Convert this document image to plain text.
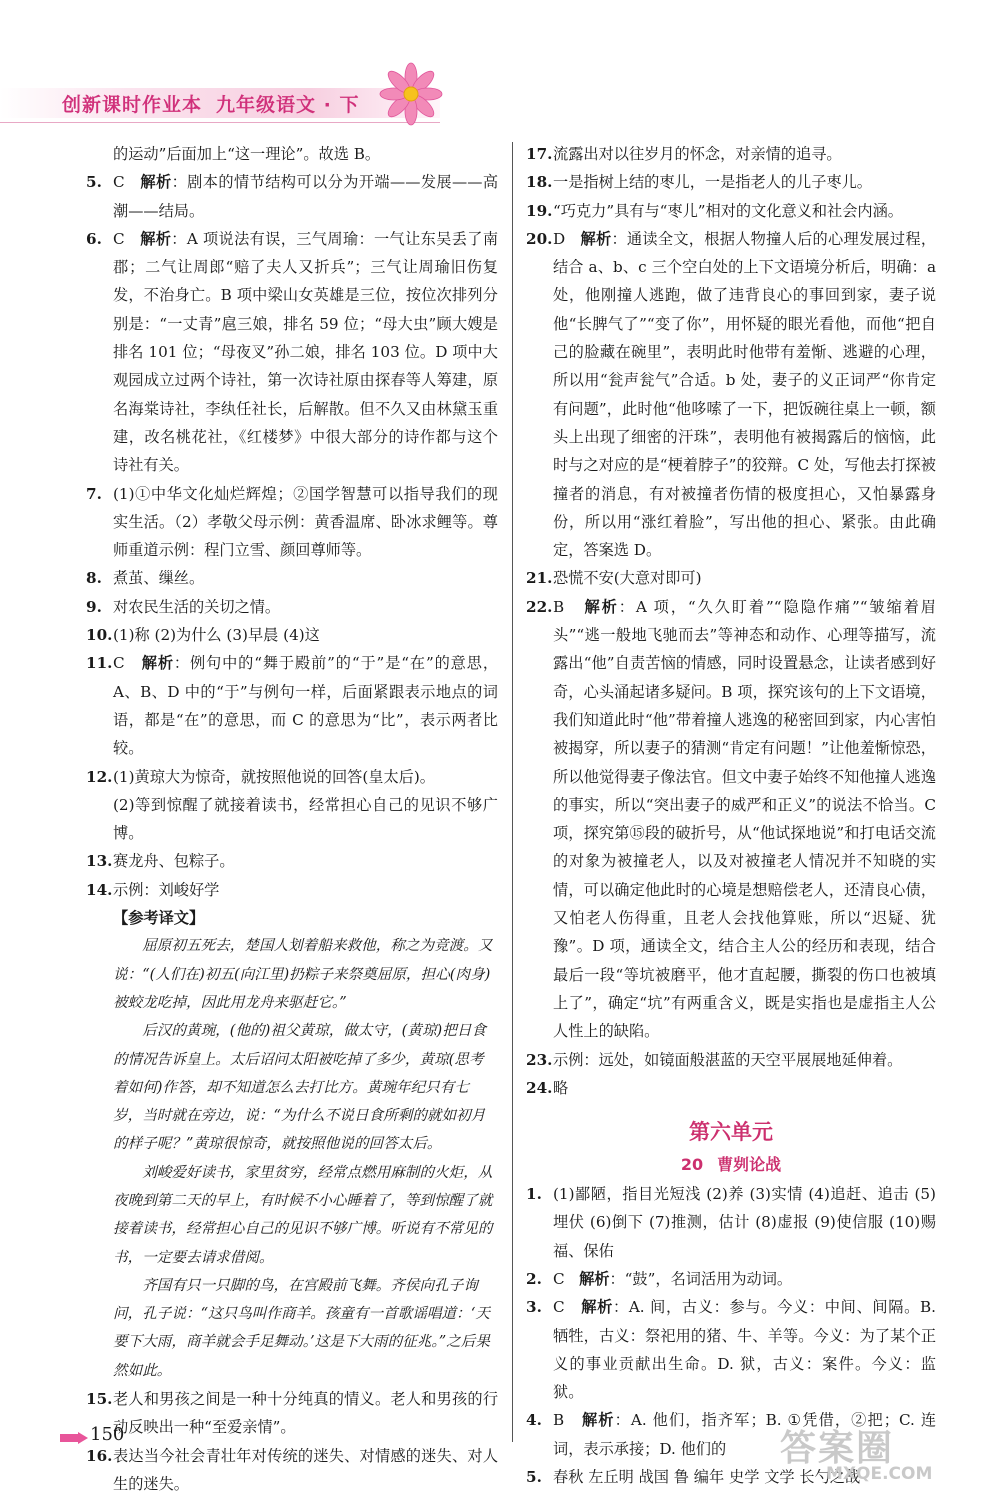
创新课时作业本 九年级语文 · 下
的运动”后面加上“这一理论”。故选 B。
5. C 解析：剧本的情节结构可以分为开端——发展——高潮——结局。
6. C 解析：A 项说法有误，三气周瑜：一气让东吴丢了南郡；二气让周郎“赔了夫人又折兵”；三气让周瑜旧伤复发，不治身亡。B 项中梁山女英雄是三位，按位次排列分别是：“一丈青”扈三娘，排名 59 位；“母大虫”顾大嫂是排名 101 位；“母夜叉”孙二娘，排名 103 位。D 项中大观园成立过两个诗社，第一次诗社原由探春等人筹建，原名海棠诗社，李纨任社长，后解散。但不久又由林黛玉重建，改名桃花社，《红楼梦》中很大部分的诗作都与这个诗社有关。
7. (1)①中华文化灿烂辉煌；②国学智慧可以指导我们的现实生活。（2）孝敬父母示例：黄香温席、卧冰求鲤等。尊师重道示例：程门立雪、颜回尊师等。
8. 煮茧、缫丝。
9. 对农民生活的关切之情。
10. (1)称 (2)为什么 (3)早晨 (4)这
11. C 解析：例句中的“舞于殿前”的“于”是“在”的意思，A、B、D 中的“于”与例句一样，后面紧跟表示地点的词语，都是“在”的意思，而 C 的意思为“比”，表示两者比较。
12. (1)黄琼大为惊奇，就按照他说的回答(皇太后)。
(2)等到惊醒了就接着读书，经常担心自己的见识不够广博。
13. 赛龙舟、包粽子。
14. 示例：刘峻好学
【参考译文】

屈原初五死去，楚国人划着船来救他，称之为竞渡。又说：“(人们在)初五(向江里)扔粽子来祭奠屈原，担心(肉身)被蛟龙吃掉，因此用龙舟来驱赶它。”

后汉的黄琬，(他的)祖父黄琼，做太守，(黄琼)把日食的情况告诉皇上。太后诏问太阳被吃掉了多少，黄琼(思考着如何)作答，却不知道怎么去打比方。黄琬年纪只有七岁，当时就在旁边，说：“为什么不说日食所剩的就如初月的样子呢？”黄琼很惊奇，就按照他说的回答太后。

刘峻爱好读书，家里贫穷，经常点燃用麻制的火炬，从夜晚到第二天的早上，有时候不小心睡着了，等到惊醒了就接着读书，经常担心自己的见识不够广博。听说有不常见的书，一定要去请求借阅。

齐国有只一只脚的鸟，在宫殿前飞舞。齐侯向孔子询问，孔子说：“这只鸟叫作商羊。孩童有一首歌谣唱道：‘天要下大雨，商羊就会手足舞动。’这是下大雨的征兆。”之后果然如此。

15. 老人和男孩之间是一种十分纯真的情义。老人和男孩的行动反映出一种“至爱亲情”。
16. 表达当今社会青壮年对传统的迷失、对情感的迷失、对人生的迷失。
17. 流露出对以往岁月的怀念，对亲情的追寻。
18. 一是指树上结的枣儿，一是指老人的儿子枣儿。
19. “巧克力”具有与“枣儿”相对的文化意义和社会内涵。
20. D 解析：通读全文，根据人物撞人后的心理发展过程，结合 a、b、c 三个空白处的上下文语境分析后，明确：a 处，他刚撞人逃跑，做了违背良心的事回到家，妻子说他“长脾气了”“变了你”，用怀疑的眼光看他，而他“把自己的脸藏在碗里”，表明此时他带有羞惭、逃避的心理，所以用“瓮声瓮气”合适。b 处，妻子的义正词严“你肯定有问题”，此时他“他哆嗦了一下，把饭碗往桌上一顿，额头上出现了细密的汗珠”，表明他有被揭露后的恼恼，此时与之对应的是“梗着脖子”的狡辩。C 处，写他去打探被撞者的消息，有对被撞者伤情的极度担心，又怕暴露身份，所以用“涨红着脸”，写出他的担心、紧张。由此确定，答案选 D。
21. 恐慌不安(大意对即可)
22. B 解析：A 项，“久久盯着”“隐隐作痛”“皱缩着眉头”“逃一般地飞驰而去”等神态和动作、心理等描写，流露出“他”自责苦恼的情感，同时设置悬念，让读者感到好奇，心头涌起诸多疑问。B 项，探究该句的上下文语境，我们知道此时“他”带着撞人逃逸的秘密回到家，内心害怕被揭穿，所以妻子的猜测“肯定有问题！”让他羞惭惊恐，所以他觉得妻子像法官。但文中妻子始终不知他撞人逃逸的事实，所以“突出妻子的威严和正义”的说法不恰当。C 项，探究第⑮段的破折号，从“他试探地说”和打电话交流的对象为被撞老人，以及对被撞老人情况并不知晓的实情，可以确定他此时的心境是想赔偿老人，还清良心债，又怕老人伤得重，且老人会找他算账，所以“迟疑、犹豫”。D 项，通读全文，结合主人公的经历和表现，结合最后一段“等坑被磨平，他才直起腰，撕裂的伤口也被填上了”，确定“坑”有两重含义，既是实指也是虚指主人公人性上的缺陷。
23. 示例：远处，如镜面般湛蓝的天空平展展地延伸着。
24. 略
第六单元
20 曹刿论战
1. (1)鄙陋，指目光短浅 (2)养 (3)实情 (4)追赶、追击 (5)埋伏 (6)倒下 (7)推测，估计 (8)虚报 (9)使信服 (10)赐福、保佑
2. C 解析：“鼓”，名词活用为动词。
3. C 解析：A. 间，古义：参与。今义：中间、间隔。B. 牺牲，古义：祭祀用的猪、牛、羊等。今义：为了某个正义的事业贡献出生命。D. 狱，古义：案件。今义：监狱。
4. B 解析：A. 他们，指齐军；B. ①凭借，②把；C. 连词，表示承接；D. 他们的
5. 春秋 左丘明 战国 鲁 编年 史学 文学 长勺之战
150	答案圈
MXQE.COM
